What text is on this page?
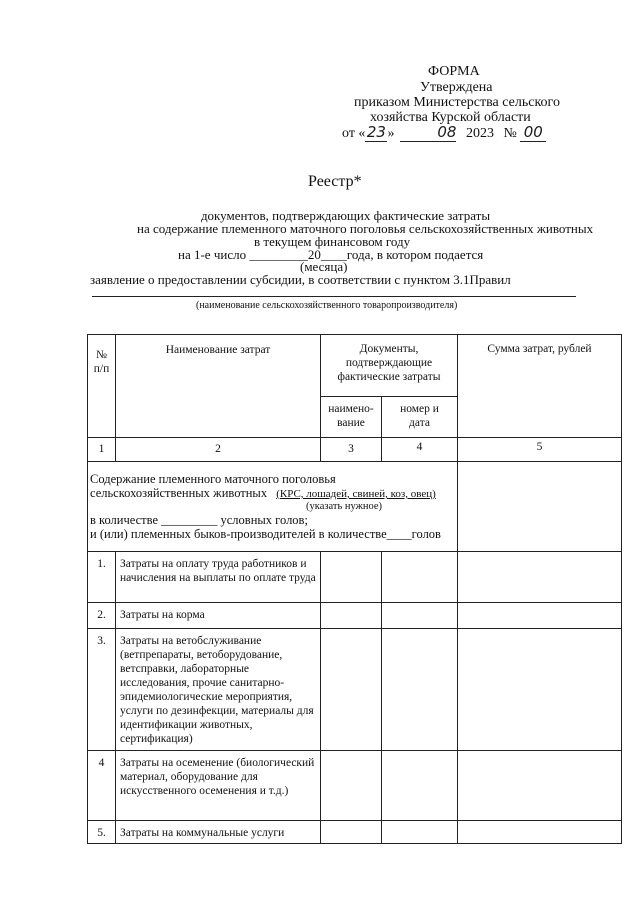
ФОРМА
Утверждена
приказом Министерства сельского
хозяйства Курской области
от «23»	08 2023 № 00
Реестр*
документов, подтверждающих фактические затраты
на содержание племенного маточного поголовья сельскохозяйственных животных
в текущем финансовом году
на 1-е число _________20____года, в котором подается
(месяца)
заявление о предоставлении субсидии, в соответствии с пунктом 3.1Правил
(наименование сельскохозяйственного товаропроизводителя)
№ п/п	Наименование затрат	Документы, подтверждающие фактические затраты		Сумма затрат, рублей

		наимено-вание	номер и дата	

1	2	3	4	5

Содержание племенного маточного поголовья
сельскохозяйственных животных (КРС, лошадей, свиней, коз, овец)
(указать нужное)
в количестве _________ условных голов;
и (или) племенных быков-производителей в количестве____голов				

1.	Затраты на оплату труда работников и начисления на выплаты по оплате труда			
2.	Затраты на корма			
3.	Затраты на ветобслуживание (ветпрепараты, ветоборудование, ветсправки, лабораторные исследования, прочие санитарно-эпидемиологические мероприятия, услуги по дезинфекции, материалы для идентификации животных, сертификация)			
4	Затраты на осеменение (биологический материал, оборудование для искусственного осеменения и т.д.)			
5.	Затраты на коммунальные услуги			
